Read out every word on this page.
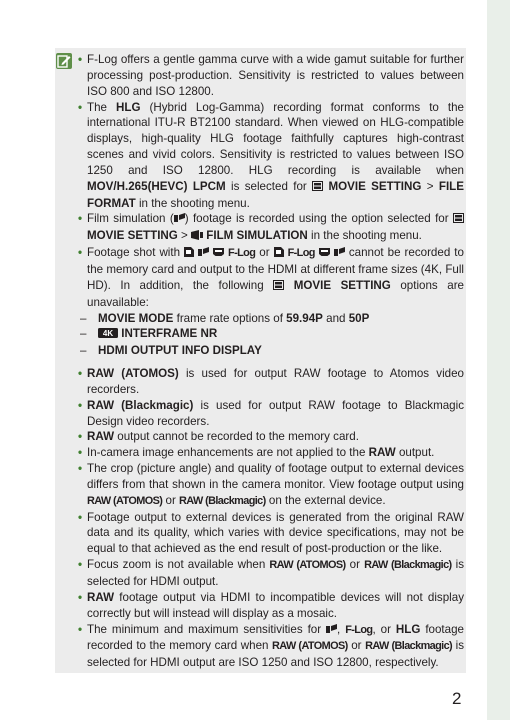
• F-Log offers a gentle gamma curve with a wide gamut suitable for further processing post-production. Sensitivity is restricted to values between ISO 800 and ISO 12800.
• The HLG (Hybrid Log-Gamma) recording format conforms to the international ITU-R BT2100 standard. When viewed on HLG-compatible displays, high-quality HLG footage faithfully captures high-contrast scenes and vivid colors. Sensitivity is restricted to values between ISO 1250 and ISO 12800. HLG recording is available when MOV/H.265(HEVC) LPCM is selected for  MOVIE SETTING > FILE FORMAT in the shooting menu.
• Film simulation ( ) footage is recorded using the option selected for  MOVIE SETTING >  FILM SIMULATION in the shooting menu.
• Footage shot with	F-Log or  F-Log	cannot be recorded to the memory card and output to the HDMI at different frame sizes (4K, Full HD). In addition, the following  MOVIE SETTING options are unavailable:
– MOVIE MODE frame rate options of 59.94P and 50P
– 4K INTERFRAME NR
– HDMI OUTPUT INFO DISPLAY
• RAW (ATOMOS) is used for output RAW footage to Atomos video recorders.
• RAW (Blackmagic) is used for output RAW footage to Blackmagic Design video recorders.
• RAW output cannot be recorded to the memory card.
• In-camera image enhancements are not applied to the RAW output.
• The crop (picture angle) and quality of footage output to external devices differs from that shown in the camera monitor. View footage output using RAW (ATOMOS) or RAW (Blackmagic) on the external device.
• Footage output to external devices is generated from the original RAW data and its quality, which varies with device specifications, may not be equal to that achieved as the end result of post-production or the like.
• Focus zoom is not available when RAW (ATOMOS) or RAW (Blackmagic) is selected for HDMI output.
• RAW footage output via HDMI to incompatible devices will not display correctly but will instead will display as a mosaic.
• The minimum and maximum sensitivities for , F-Log, or HLG footage recorded to the memory card when RAW (ATOMOS) or RAW (Blackmagic) is selected for HDMI output are ISO 1250 and ISO 12800, respectively.
2
